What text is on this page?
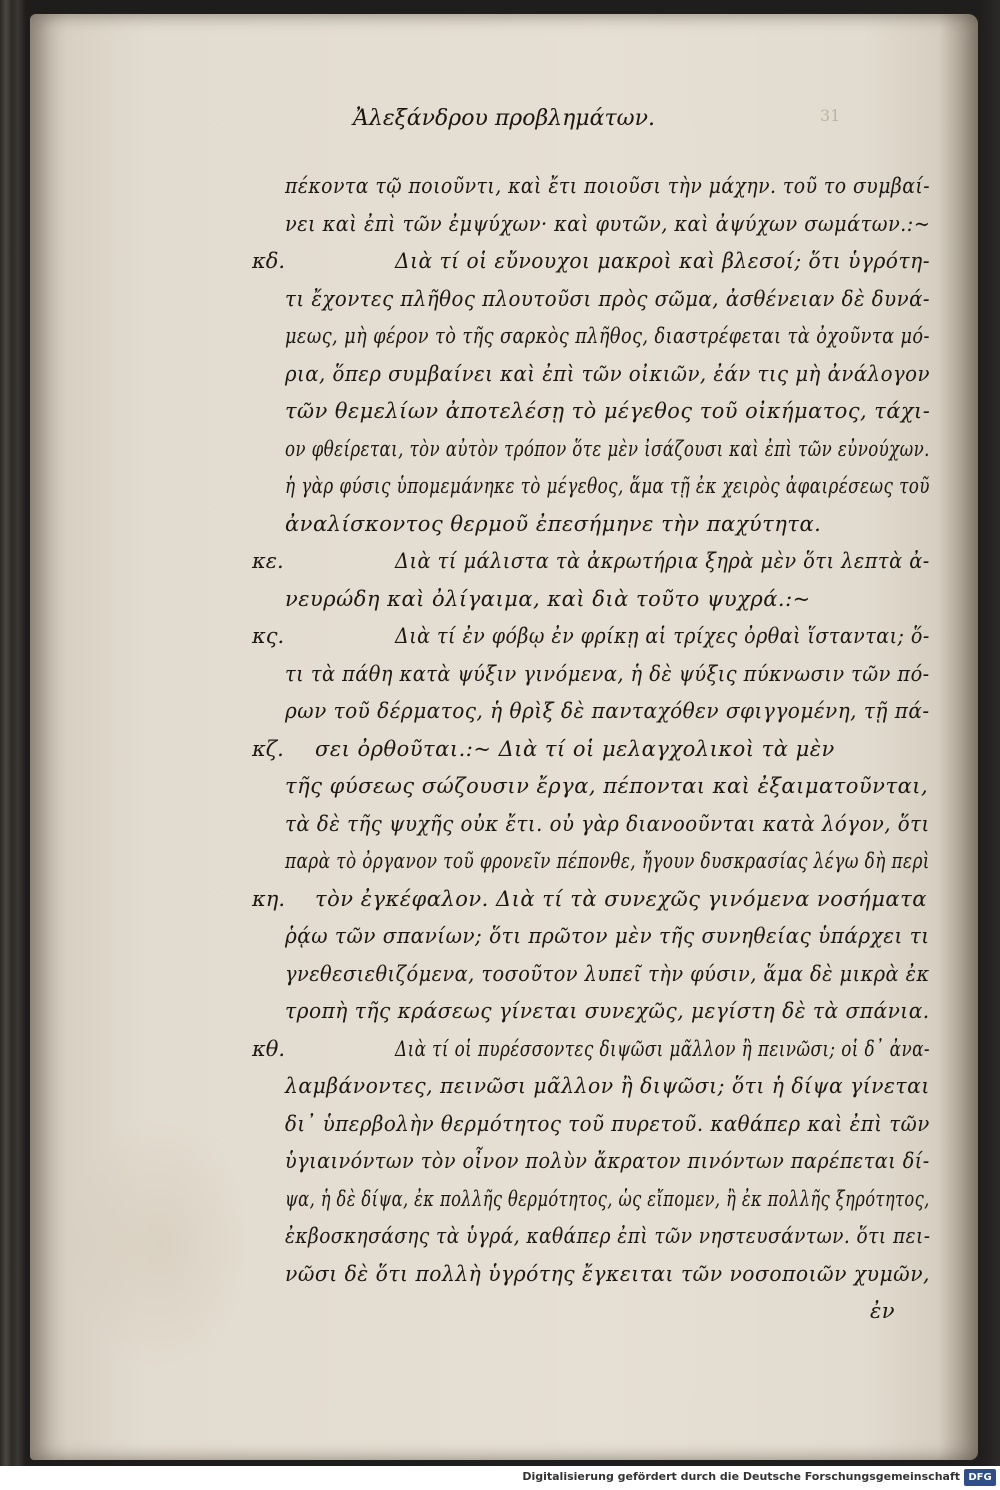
31
Ἀλεξάνδρου προβλημάτων.
πέκοντα τῷ ποιοῦντι, καὶ ἔτι ποιοῦσι τὴν μάχην. τοῦ το συμβαί-
νει καὶ ἐπὶ τῶν ἐμψύχων· καὶ φυτῶν, καὶ ἀψύχων σωμάτων.:~
κδ.	Διὰ τί οἱ εὔνουχοι μακροὶ καὶ βλεσοί; ὅτι ὑγρότη-
τι ἔχοντες πλῆθος πλουτοῦσι πρὸς σῶμα, ἀσθένειαν δὲ δυνά-
μεως, μὴ φέρον τὸ τῆς σαρκὸς πλῆθος, διαστρέφεται τὰ ὀχοῦντα μό-
ρια, ὅπερ συμβαίνει καὶ ἐπὶ τῶν οἰκιῶν, ἐάν τις μὴ ἀνάλογον
τῶν θεμελίων ἀποτελέσῃ τὸ μέγεθος τοῦ οἰκήματος, τάχι-
ον φθείρεται, τὸν αὐτὸν τρόπον ὅτε μὲν ἰσάζουσι καὶ ἐπὶ τῶν εὐνούχων.
ἡ γὰρ φύσις ὑπομεμάνηκε τὸ μέγεθος, ἅμα τῇ ἐκ χειρὸς ἀφαιρέσεως τοῦ
ἀναλίσκοντος θερμοῦ ἐπεσήμηνε τὴν παχύτητα.
κε.	Διὰ τί μάλιστα τὰ ἀκρωτήρια ξηρὰ μὲν ὅτι λεπτὰ ἀ-
νευρώδη καὶ ὀλίγαιμα, καὶ διὰ τοῦτο ψυχρά.:~
κς.	Διὰ τί ἐν φόβῳ ἐν φρίκῃ αἱ τρίχες ὀρθαὶ ἵστανται; ὅ-
τι τὰ πάθη κατὰ ψύξιν γινόμενα, ἡ δὲ ψύξις πύκνωσιν τῶν πό-
ρων τοῦ δέρματος, ἡ θρὶξ δὲ πανταχόθεν σφιγγομένη, τῇ πά-
κζ. σει ὀρθοῦται.:~ Διὰ τί οἱ μελαγχολικοὶ τὰ μὲν
τῆς φύσεως σώζουσιν ἔργα, πέπονται καὶ ἐξαιματοῦνται,
τὰ δὲ τῆς ψυχῆς οὐκ ἔτι. οὐ γὰρ διανοοῦνται κατὰ λόγον, ὅτι
παρὰ τὸ ὀργανον τοῦ φρονεῖν πέπονθε, ἤγουν δυσκρασίας λέγω δὴ περὶ
κη. τὸν ἐγκέφαλον. Διὰ τί τὰ συνεχῶς γινόμενα νοσήματα
ῥᾴω τῶν σπανίων; ὅτι πρῶτον μὲν τῆς συνηθείας ὑπάρχει τι
γνεθεσιεθιζόμενα, τοσοῦτον λυπεῖ τὴν φύσιν, ἅμα δὲ μικρὰ ἐκ
τροπὴ τῆς κράσεως γίνεται συνεχῶς, μεγίστη δὲ τὰ σπάνια.
κθ.	Διὰ τί οἱ πυρέσσοντες διψῶσι μᾶλλον ἢ πεινῶσι; οἱ δ᾽ ἀνα-
λαμβάνοντες, πεινῶσι μᾶλλον ἢ διψῶσι; ὅτι ἡ δίψα γίνεται
δι᾽ ὑπερβολὴν θερμότητος τοῦ πυρετοῦ. καθάπερ καὶ ἐπὶ τῶν
ὑγιαινόντων τὸν οἶνον πολὺν ἄκρατον πινόντων παρέπεται δί-
ψα, ἡ δὲ δίψα, ἐκ πολλῆς θερμότητος, ὡς εἴπομεν, ἢ ἐκ πολλῆς ξηρότητος,
ἐκβοσκησάσης τὰ ὑγρά, καθάπερ ἐπὶ τῶν νηστευσάντων. ὅτι πει-
νῶσι δὲ ὅτι πολλὴ ὑγρότης ἔγκειται τῶν νοσοποιῶν χυμῶν,
ἐν
Digitalisierung gefördert durch die Deutsche Forschungsgemeinschaft DFG
